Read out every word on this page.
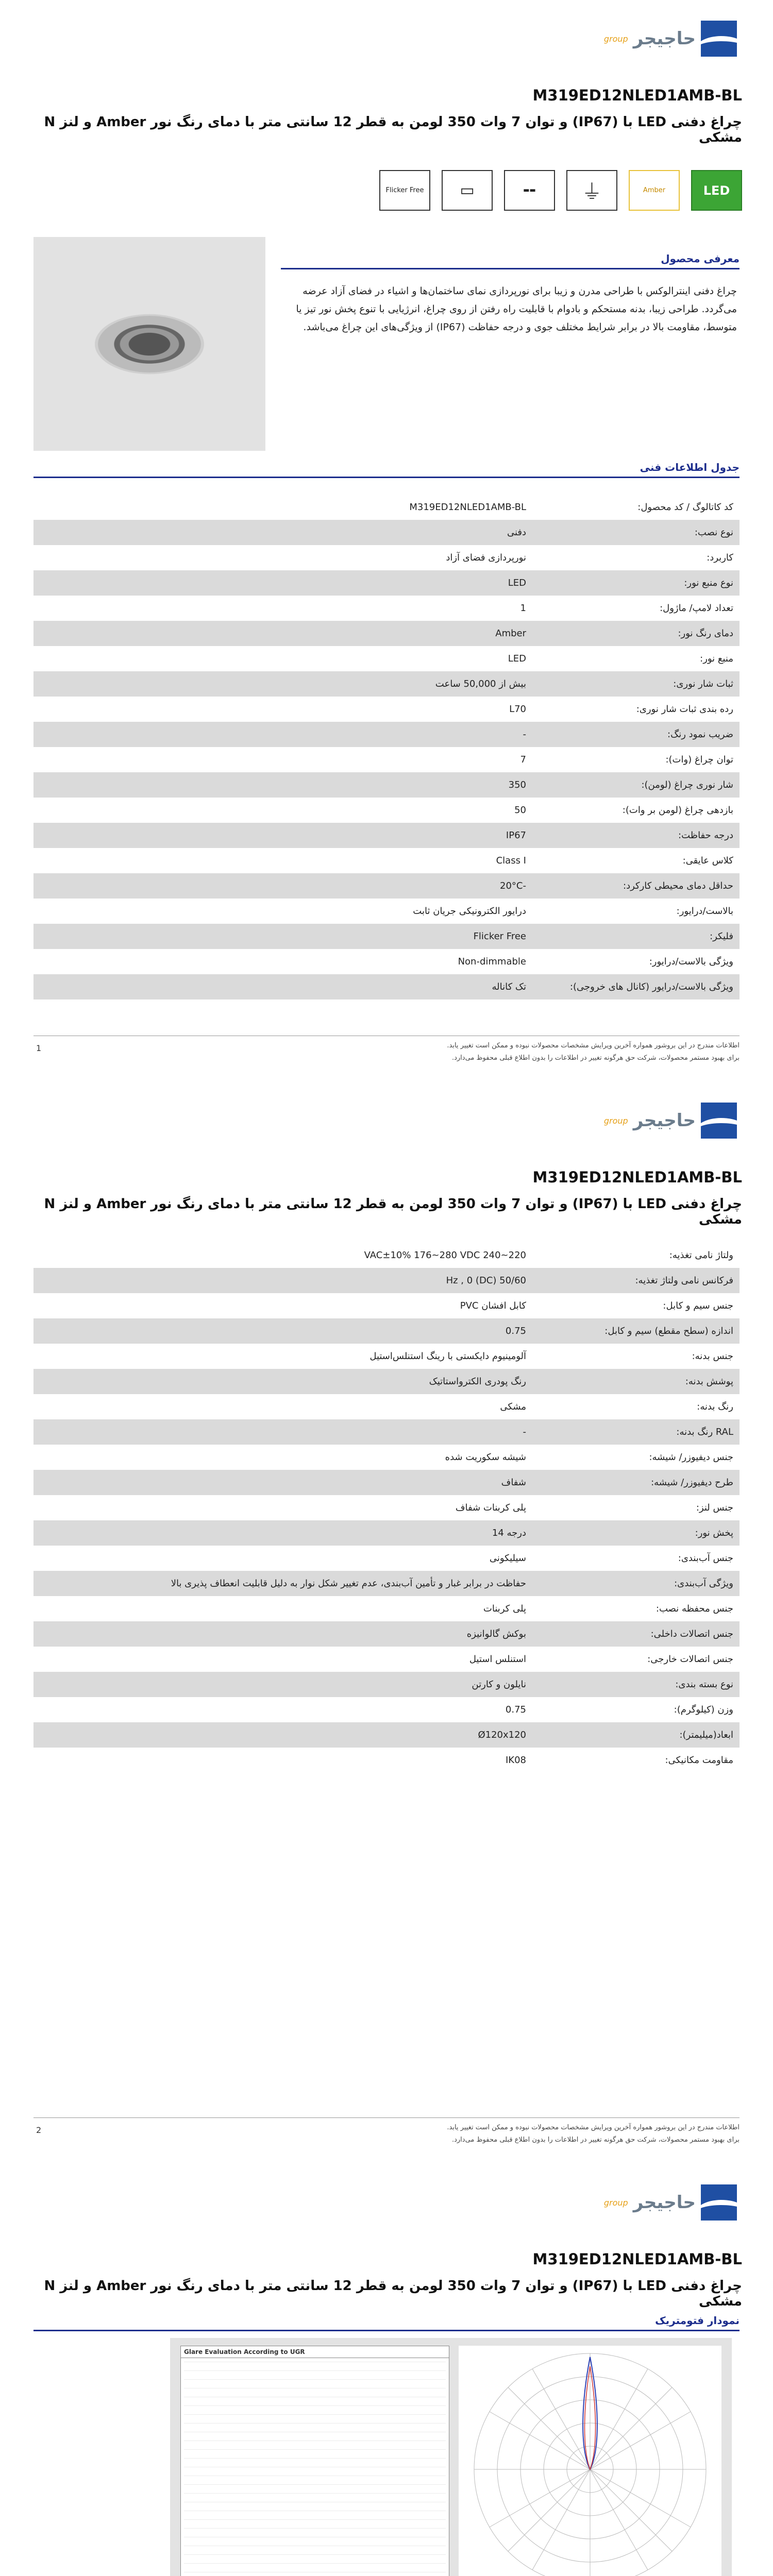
group حاجیجر
M319ED12NLED1AMB-BL
چراغ دفنی LED با (IP67) و توان 7 وات 350 لومن به قطر 12 سانتی متر با دمای رنگ نور Amber و لنز N مشکی
LED
Amber
⏚
▬▬
▭
Flicker Free
معرفی محصول
چراغ دفنی اینترالوکس با طراحی مدرن و زیبا برای نورپردازی نمای ساختمان‌ها و اشیاء در فضای آزاد عرضه می‌گردد. طراحی زیبا، بدنه مستحکم و بادوام با قابلیت راه رفتن از روی چراغ، انرژیایی با تنوع پخش نور تیز یا متوسط، مقاومت بالا در برابر شرایط مختلف جوی و درجه حفاظت (IP67) از ویژگی‌های این چراغ می‌باشد.
جدول اطلاعات فنی
کد کاتالوگ / کد محصول:
M319ED12NLED1AMB-BL
نوع نصب:
دفنی
کاربرد:
نورپردازی فضای آزاد
نوع منبع نور:
LED
تعداد لامپ/ ماژول:
1
دمای رنگ نور:
Amber
منبع نور:
LED
ثبات شار نوری:
بیش از 50,000 ساعت
رده بندی ثبات شار نوری:
L70
ضریب نمود رنگ:
-
توان چراغ (وات):
7
شار نوری چراغ (لومن):
350
بازدهی چراغ (لومن بر وات):
50
درجه حفاظت:
IP67
کلاس عایقی:
Class I
حداقل دمای محیطی کارکرد:
-20°C
بالاست/درایور:
درایور الکترونیکی جریان ثابت
فلیکر:
Flicker Free
ویژگی بالاست/درایور:
Non-dimmable
ویژگی بالاست/درایور (کانال های خروجی):
تک کاناله
1	اطلاعات مندرج در این بروشور همواره آخرین ویرایش مشخصات محصولات نبوده و ممکن است تغییر یابد.
برای بهبود مستمر محصولات، شرکت حق هرگونه تغییر در اطلاعات را بدون اطلاع قبلی محفوظ می‌دارد.
group حاجیجر
M319ED12NLED1AMB-BL
چراغ دفنی LED با (IP67) و توان 7 وات 350 لومن به قطر 12 سانتی متر با دمای رنگ نور Amber و لنز N مشکی
ولتاژ نامی تغذیه:
220~240 VAC±10% 176~280 VDC
فرکانس نامی ولتاژ تغذیه:
50/60 Hz , 0 (DC)
جنس سیم و کابل:
کابل افشان PVC
اندازه (سطح مقطع) سیم و کابل:
0.75
جنس بدنه:
آلومینیوم دایکستی با رینگ استنلس‌استیل
پوشش بدنه:
رنگ پودری الکترواستاتیک
رنگ بدنه:
مشکی
RAL رنگ بدنه:
-
جنس دیفیوزر/ شیشه:
شیشه سکوریت شده
طرح دیفیوزر/ شیشه:
شفاف
جنس لنز:
پلی کربنات شفاف
پخش نور:
درجه 14
جنس آب‌بندی:
سیلیکونی
ویژگی آب‌بندی:
حفاظت در برابر غبار و تأمین آب‌بندی، عدم تغییر شکل نوار به دلیل قابلیت انعطاف پذیری بالا
جنس محفظه نصب:
پلی کربنات
جنس اتصالات داخلی:
بوکش گالوانیزه
جنس اتصالات خارجی:
استنلس استیل
نوع بسته بندی:
نایلون و کارتن
وزن (کیلوگرم):
0.75
ابعاد(میلیمتر):
Ø120x120
مقاومت مکانیکی:
IK08
2	اطلاعات مندرج در این بروشور همواره آخرین ویرایش مشخصات محصولات نبوده و ممکن است تغییر یابد.
برای بهبود مستمر محصولات، شرکت حق هرگونه تغییر در اطلاعات را بدون اطلاع قبلی محفوظ می‌دارد.
group حاجیجر
M319ED12NLED1AMB-BL
چراغ دفنی LED با (IP67) و توان 7 وات 350 لومن به قطر 12 سانتی متر با دمای رنگ نور Amber و لنز N مشکی
نمودار فتومتریک
Glare Evaluation According to UGR
